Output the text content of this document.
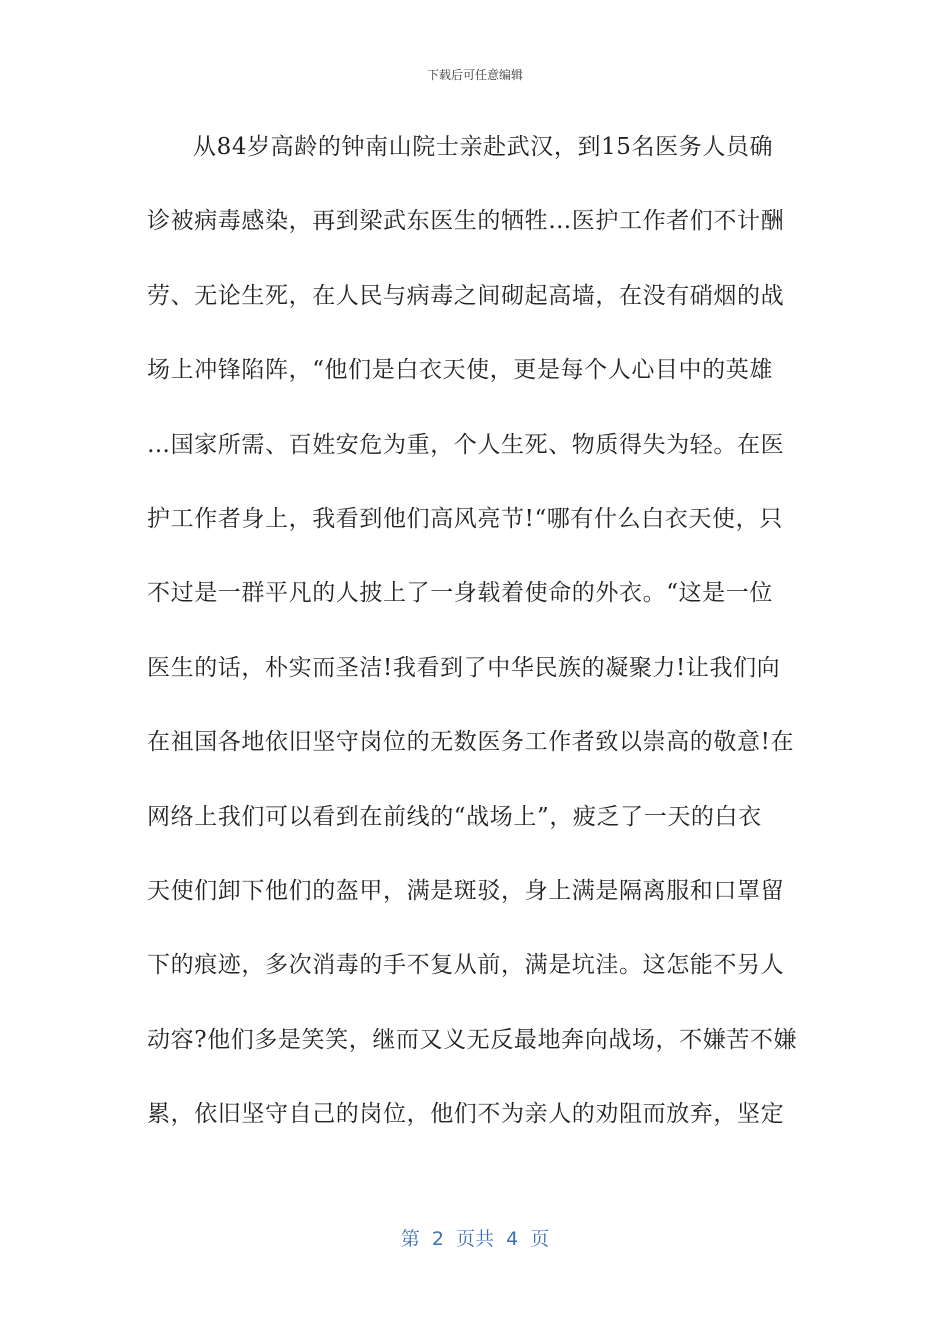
下载后可任意编辑
从84岁高龄的钟南山院士亲赴武汉，到15名医务人员确
诊被病毒感染，再到梁武东医生的牺牲…医护工作者们不计酬
劳、无论生死，在人民与病毒之间砌起高墙，在没有硝烟的战
场上冲锋陷阵，“他们是白衣天使，更是每个人心目中的英雄
…国家所需、百姓安危为重，个人生死、物质得失为轻。在医
护工作者身上，我看到他们高风亮节!“哪有什么白衣天使，只
不过是一群平凡的人披上了一身载着使命的外衣。“这是一位
医生的话，朴实而圣洁!我看到了中华民族的凝聚力!让我们向
在祖国各地依旧坚守岗位的无数医务工作者致以崇高的敬意!在
网络上我们可以看到在前线的“战场上”，疲乏了一天的白衣
天使们卸下他们的盔甲，满是斑驳，身上满是隔离服和口罩留
下的痕迹，多次消毒的手不复从前，满是坑洼。这怎能不另人
动容?他们多是笑笑，继而又义无反最地奔向战场，不嫌苦不嫌
累，依旧坚守自己的岗位，他们不为亲人的劝阻而放弃，坚定
第  2  页共  4  页
